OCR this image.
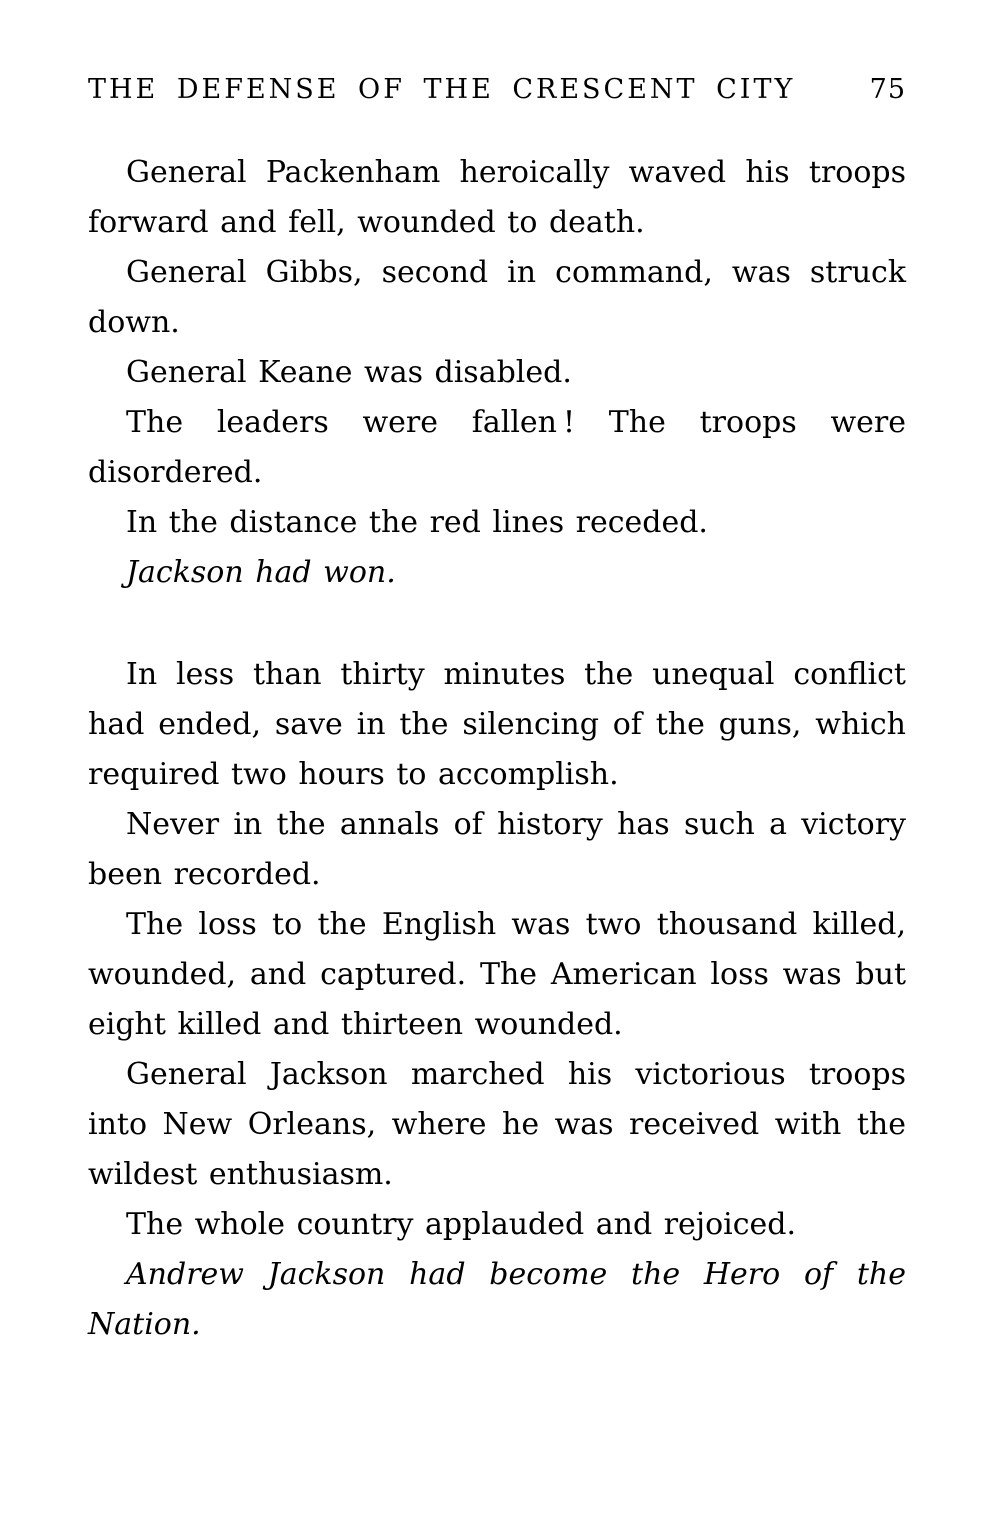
THE DEFENSE OF THE CRESCENT CITY	75

General Packenham heroically waved his troops forward and fell, wounded to death.

General Gibbs, second in command, was struck down.

General Keane was disabled.

The leaders were fallen ! The troops were disordered.

In the distance the red lines receded.

Jackson had won.

In less than thirty minutes the unequal conflict had ended, save in the silencing of the guns, which required two hours to accomplish.

Never in the annals of history has such a victory been recorded.

The loss to the English was two thousand killed, wounded, and captured. The American loss was but eight killed and thirteen wounded.

General Jackson marched his victorious troops into New Orleans, where he was received with the wildest enthusiasm.

The whole country applauded and rejoiced.

Andrew Jackson had become the Hero of the Nation.
